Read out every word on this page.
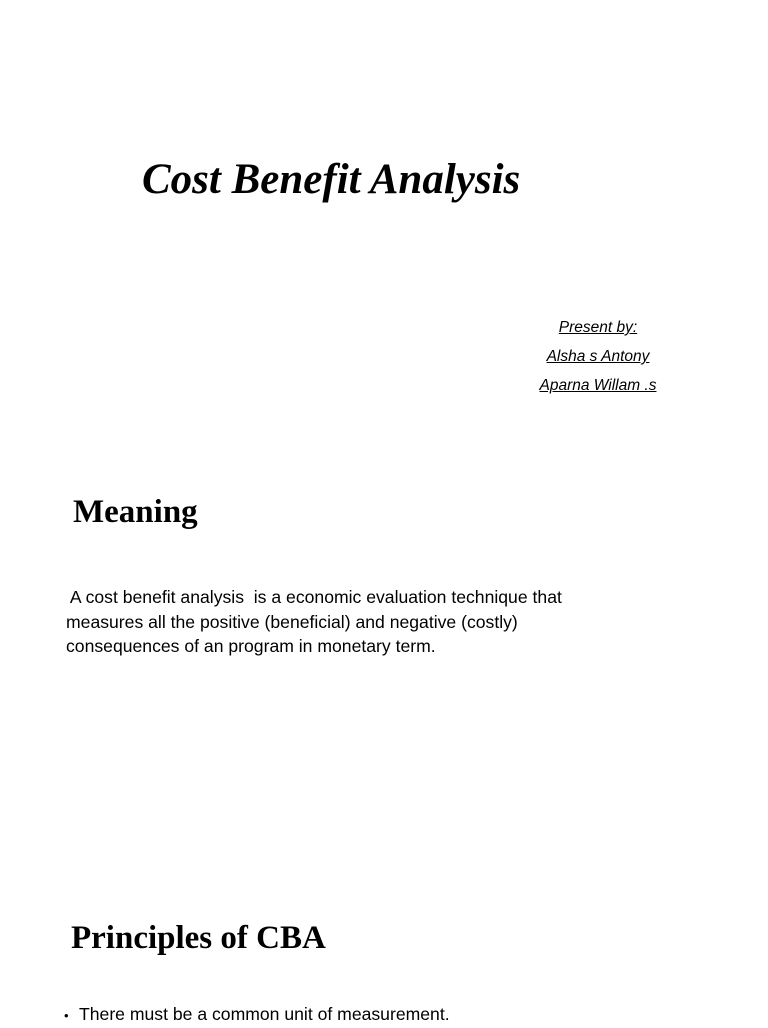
Cost Benefit Analysis
Present by:
Alsha s Antony
Aparna Willam .s
Meaning

A cost benefit analysis  is a economic evaluation technique that
measures all the positive (beneficial) and negative (costly)
consequences of an program in monetary term.

Principles of CBA
• There must be a common unit of measurement.
